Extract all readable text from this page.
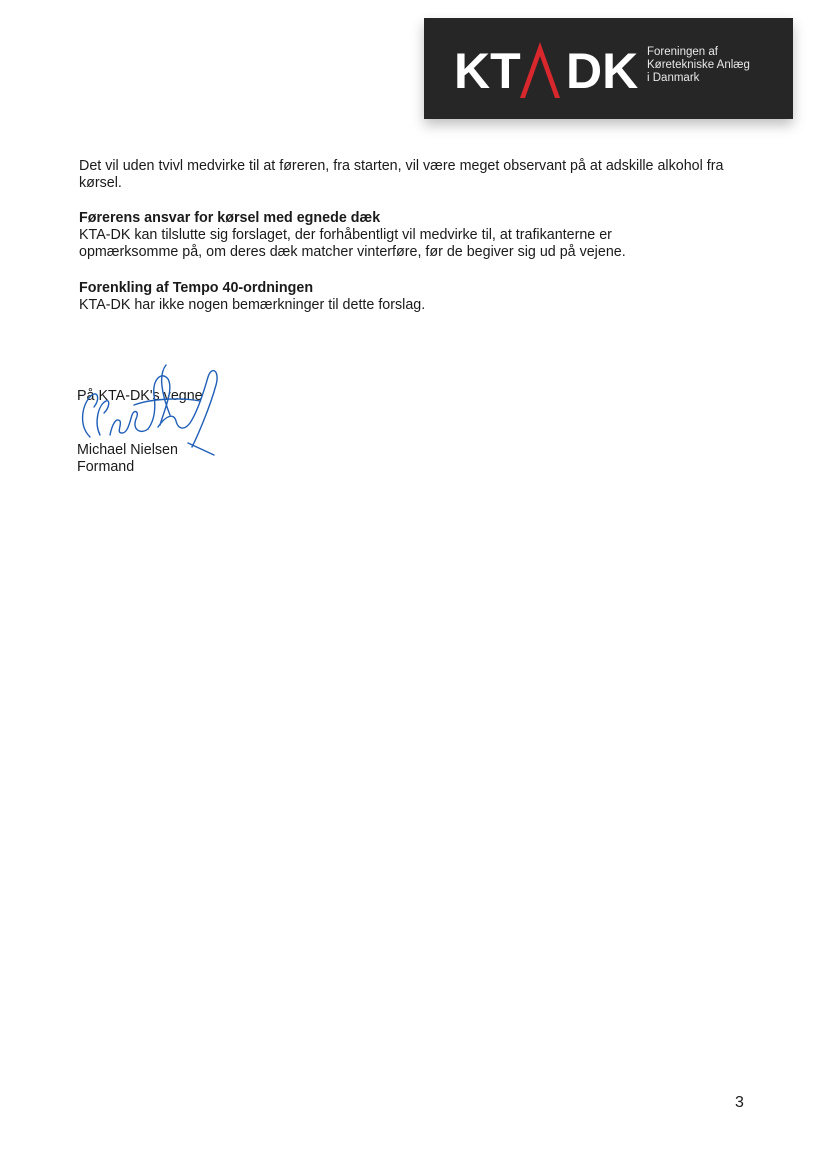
KT DK Foreningen af
Køretekniske Anlæg
i Danmark

Det vil uden tvivl medvirke til at føreren, fra starten, vil være meget observant på at adskille alkohol fra kørsel.

Førerens ansvar for kørsel med egnede dæk

KTA-DK kan tilslutte sig forslaget, der forhåbentligt vil medvirke til, at trafikanterne er opmærksomme på, om deres dæk matcher vinterføre, før de begiver sig ud på vejene.

Forenkling af Tempo 40-ordningen

KTA-DK har ikke nogen bemærkninger til dette forslag.

På KTA-DK's vegne
Michael Nielsen
Formand
3
